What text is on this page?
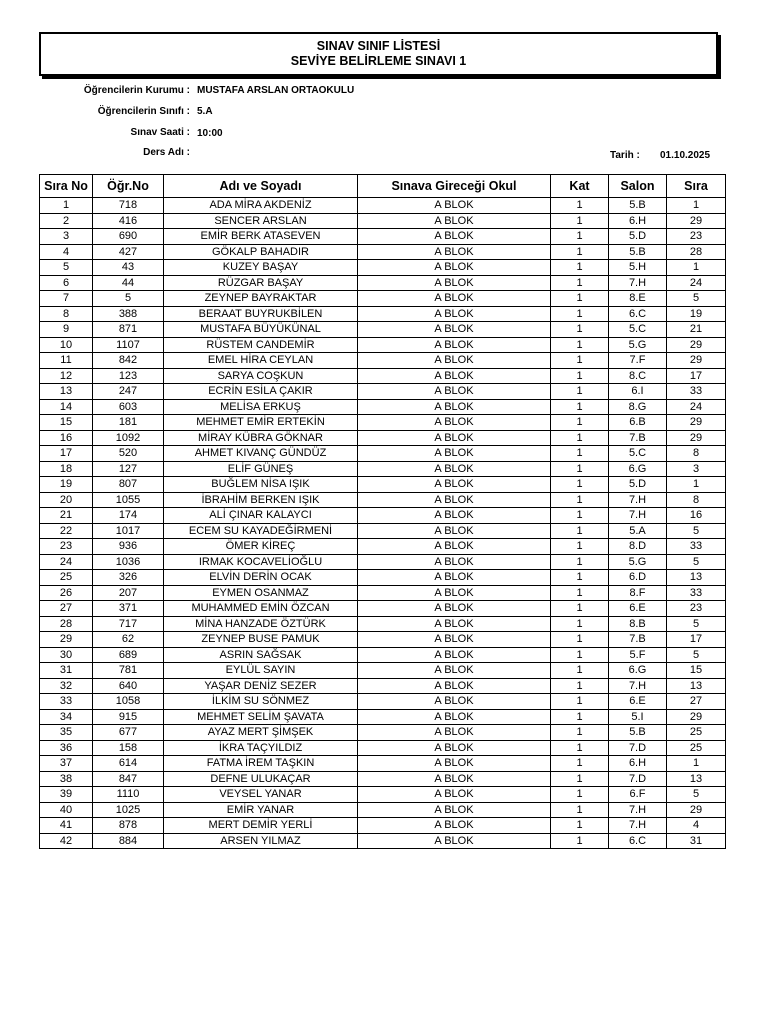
SINAV SINIF LİSTESİ
SEVİYE BELİRLEME SINAVI 1
Öğrencilerin Kurumu : MUSTAFA ARSLAN ORTAOKULU
Öğrencilerin Sınıfı : 5.A
Sınav Saati : 10:00
Ders Adı :	Tarih : 01.10.2025
Sıra No	Öğr.No	Adı ve Soyadı	Sınava Gireceği Okul	Kat	Salon	Sıra
1	718	ADA MİRA AKDENİZ	A BLOK	1	5.B	1
2	416	SENCER ARSLAN	A BLOK	1	6.H	29
3	690	EMİR BERK ATASEVEN	A BLOK	1	5.D	23
4	427	GÖKALP BAHADIR	A BLOK	1	5.B	28
5	43	KUZEY BAŞAY	A BLOK	1	5.H	1
6	44	RÜZGAR BAŞAY	A BLOK	1	7.H	24
7	5	ZEYNEP BAYRAKTAR	A BLOK	1	8.E	5
8	388	BERAAT BUYRUKBİLEN	A BLOK	1	6.C	19
9	871	MUSTAFA BÜYÜKÜNAL	A BLOK	1	5.C	21
10	1107	RÜSTEM CANDEMİR	A BLOK	1	5.G	29
11	842	EMEL HİRA CEYLAN	A BLOK	1	7.F	29
12	123	SARYA COŞKUN	A BLOK	1	8.C	17
13	247	ECRİN ESİLA ÇAKIR	A BLOK	1	6.I	33
14	603	MELİSA ERKUŞ	A BLOK	1	8.G	24
15	181	MEHMET EMİR ERTEKİN	A BLOK	1	6.B	29
16	1092	MİRAY KÜBRA GÖKNAR	A BLOK	1	7.B	29
17	520	AHMET KIVANÇ GÜNDÜZ	A BLOK	1	5.C	8
18	127	ELİF GÜNEŞ	A BLOK	1	6.G	3
19	807	BUĞLEM NİSA IŞIK	A BLOK	1	5.D	1
20	1055	İBRAHİM BERKEN IŞIK	A BLOK	1	7.H	8
21	174	ALİ ÇINAR KALAYCI	A BLOK	1	7.H	16
22	1017	ECEM SU KAYADEĞİRMENİ	A BLOK	1	5.A	5
23	936	ÖMER KİREÇ	A BLOK	1	8.D	33
24	1036	IRMAK KOCAVELİOĞLU	A BLOK	1	5.G	5
25	326	ELVİN DERİN OCAK	A BLOK	1	6.D	13
26	207	EYMEN OSANMAZ	A BLOK	1	8.F	33
27	371	MUHAMMED EMİN ÖZCAN	A BLOK	1	6.E	23
28	717	MİNA HANZADE ÖZTÜRK	A BLOK	1	8.B	5
29	62	ZEYNEP BUSE PAMUK	A BLOK	1	7.B	17
30	689	ASRIN SAĞSAK	A BLOK	1	5.F	5
31	781	EYLÜL SAYIN	A BLOK	1	6.G	15
32	640	YAŞAR DENİZ SEZER	A BLOK	1	7.H	13
33	1058	İLKİM SU SÖNMEZ	A BLOK	1	6.E	27
34	915	MEHMET SELİM ŞAVATA	A BLOK	1	5.I	29
35	677	AYAZ MERT ŞİMŞEK	A BLOK	1	5.B	25
36	158	İKRA TAÇYILDIZ	A BLOK	1	7.D	25
37	614	FATMA İREM TAŞKIN	A BLOK	1	6.H	1
38	847	DEFNE ULUKAÇAR	A BLOK	1	7.D	13
39	1110	VEYSEL YANAR	A BLOK	1	6.F	5
40	1025	EMİR YANAR	A BLOK	1	7.H	29
41	878	MERT DEMİR YERLİ	A BLOK	1	7.H	4
42	884	ARSEN YILMAZ	A BLOK	1	6.C	31
